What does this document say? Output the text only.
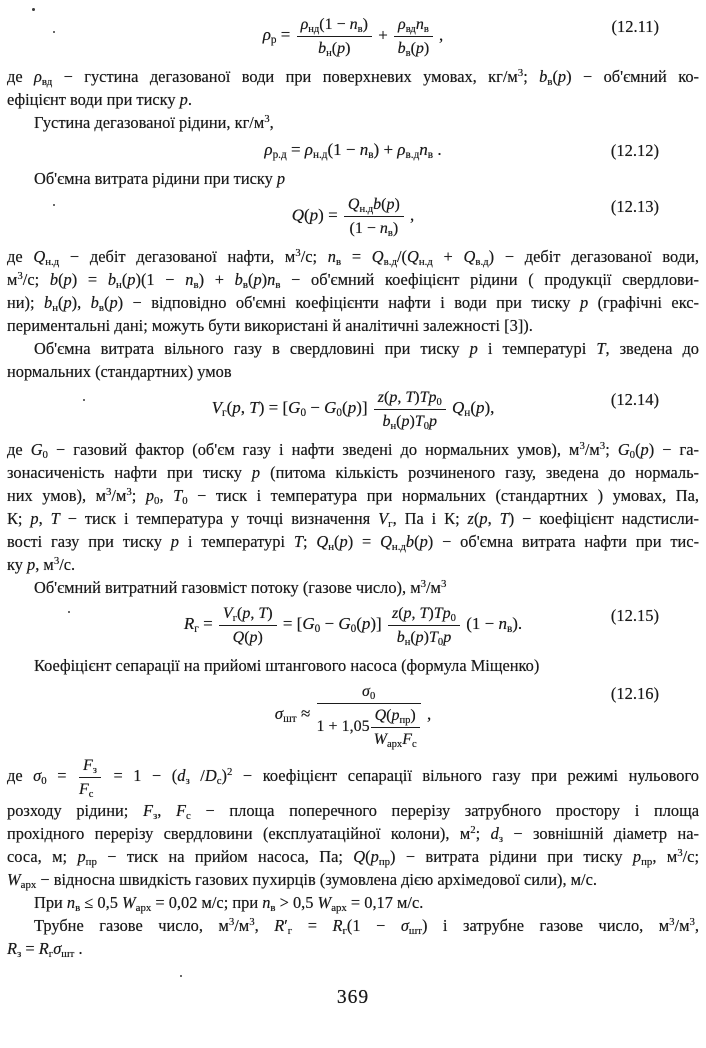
$\rho_р = \frac{\rho_{нд}(1 - n_в)}{b_н(p)} + \frac{\rho_{вд}n_в}{b_в(p)}$ ,	(12.11)
де $\rho_{вд}$ − густина дегазованої води при поверхневих умовах, $кг/м^3$; $b_в(p)$ − об'ємний ко-
ефіцієнт води при тиску p.
Густина дегазованої рідини, $кг/м^3$,
$\rho_{р.д} = \rho_{н.д}(1 - n_в) + \rho_{в.д}n_в$ .	(12.12)
Об'ємна витрата рідини при тиску p
$Q(p) = \frac{Q_{н.д}b(p)}{(1 - n_в)}$ ,	(12.13)
де $Q_{н.д}$ − дебіт дегазованої нафти, $м^3/с$; $n_в = Q_{в.д}/(Q_{н.д} + Q_{в.д})$ − дебіт дегазованої води,
$м^3/с$; $b(p) = b_н(p)(1 - n_в) + b_в(p)n_в$ − об'ємний коефіцієнт рідини ( продукції свердлови-
ни); $b_н(p)$, $b_в(p)$ − відповідно об'ємні коефіцієнти нафти і води при тиску p (графічні екс-
периментальні дані; можуть бути використані й аналітичні залежності [3]).
Об'ємна витрата вільного газу в свердловині при тиску p і температурі T, зведена до
нормальних (стандартних) умов
$V_г(p$, $T) = [G_0 - G_0(p)] \frac{z(p, T)Tp_0}{b_н(p)T_0p} Q_н(p)$,	(12.14)
де $G_0$ − газовий фактор (об'єм газу і нафти зведені до нормальних умов), $м^3/м^3$; $G_0(p) - га-$
зонасиченість нафти при тиску p (питома кількість розчиненого газу, зведена до нормаль-
них умов), $м^3/м^3$; $p_0$, $T_0$ − тиск і температура при нормальних (стандартних ) умовах, Па,
К; p, T − тиск і температура у точці визначення $V_г$, Па і К; z(p, T) − коефіцієнт надстисли-
вості газу при тиску p і температурі T; $Q_н(p) = Q_{н.д}b(p)$ − об'ємна витрата нафти при тис-
ку p, $м^3/с$.
Об'ємний витратний газовміст потоку (газове число), $м^3/м^3$
$R_г = \frac{V_г(p, T)}{Q(p)} = [G_0 - G_0(p)] \frac{z(p, T)Tp_0}{b_н(p)T_0p} (1 - n_в)$.	(12.15)
Коефіцієнт сепарації на прийомі штангового насоса (формула Міщенко)
$\sigma_{шт} \approx \frac{\sigma_0}{1 + 1,05 \frac{Q(p_{пр})}{W_{арх}F_с}}$ ,
(12.16)
де $\sigma_0 = \frac{F_з}{F_с} = 1 - (d_з$ $/D_с)^2$ − коефіцієнт сепарації вільного газу при режимі нульового
розходу рідини; $F_з$, $F_с$ − площа поперечного перерізу затрубного простору і площа
прохідного перерізу свердловини (експлуатаційної колони), $м^2$; $d_з$ − зовнішній діаметр на-
соса, м; $p_{пр}$ − тиск на прийом насоса, Па; $Q(p_{пр})$ − витрата рідини при тиску $p_{пр}$, $м^3/с$;
$W_{арх}$ − відносна швидкість газових пухирців (зумовлена дією архімедової сили), м/с.
При $n_в \le 0,5$ $W_{арх} = 0,02$ м/с; при $n_в > 0,5$ $W_{арх} = 0,17$ м/с.
Трубне газове число, $м^3/м^3$, $R'_г = R_г(1 - \sigma_{шт})$ і затрубне газове число, $м^3/м^3$,
$R_з = R_г\sigma_{шт}$ .
369
